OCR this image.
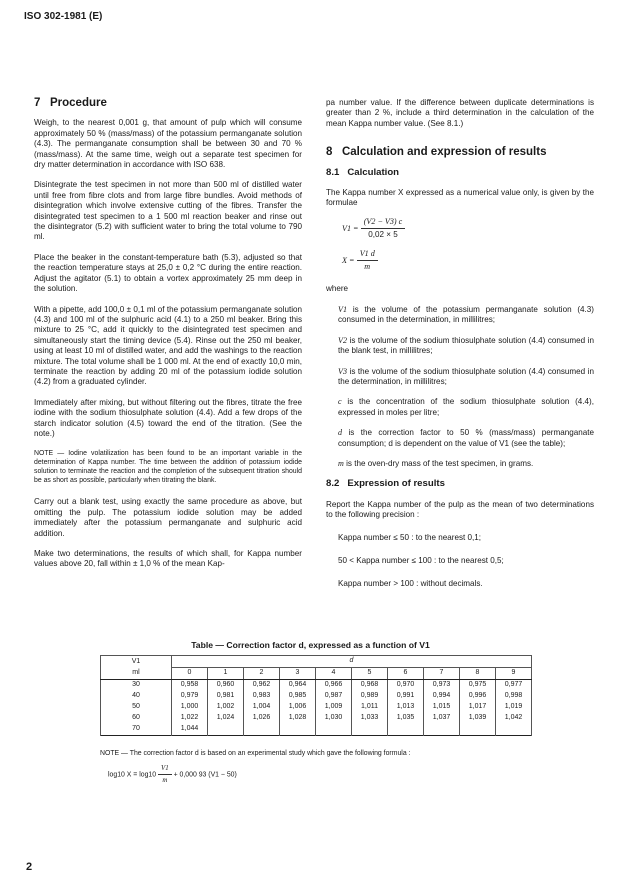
ISO 302-1981 (E)
7   Procedure

Weigh, to the nearest 0,001 g, that amount of pulp which will consume approximately 50 % (mass/mass) of the potassium permanganate solution (4.3). The permanganate consumption shall be between 30 and 70 % (mass/mass). At the same time, weigh out a separate test specimen for dry matter determination in accordance with ISO 638.

Disintegrate the test specimen in not more than 500 ml of distilled water until free from fibre clots and from large fibre bundles. Avoid methods of disintegration which involve extensive cutting of the fibres. Transfer the disintegrated test specimen to a 1 500 ml reaction beaker and rinse out the disintegrator (5.2) with sufficient water to bring the total volume to 790 ml.

Place the beaker in the constant-temperature bath (5.3), adjusted so that the reaction temperature stays at 25,0 ± 0,2 °C during the entire reaction. Adjust the agitator (5.1) to obtain a vortex approximately 25 mm deep in the solution.

With a pipette, add 100,0 ± 0,1 ml of the potassium permanganate solution (4.3) and 100 ml of the sulphuric acid (4.1) to a 250 ml beaker. Bring this mixture to 25 °C, add it quickly to the disintegrated test specimen and simultaneously start the timing device (5.4). Rinse out the 250 ml beaker, using at least 10 ml of distilled water, and add the washings to the reaction mixture. The total volume shall be 1 000 ml. At the end of exactly 10,0 min, terminate the reaction by adding 20 ml of the potassium iodide solution (4.2) from a graduated cylinder.

Immediately after mixing, but without filtering out the fibres, titrate the free iodine with the sodium thiosulphate solution (4.4). Add a few drops of the starch indicator solution (4.5) toward the end of the titration. (See the note.)

NOTE — Iodine volatilization has been found to be an important variable in the determination of Kappa number. The time between the addition of potassium iodide solution to terminate the reaction and the completion of the subsequent titration should be as short as possible, particularly when titrating the blank.

Carry out a blank test, using exactly the same procedure as above, but omitting the pulp. The potassium iodide solution may be added immediately after the potassium permanganate and sulphuric acid addition.

Make two determinations, the results of which shall, for Kappa number values above 20, fall within ± 1,0 % of the mean Kap-

pa number value. If the difference between duplicate determinations is greater than 2 %, include a third determination in the calculation of the mean Kappa number value. (See 8.1.)

8   Calculation and expression of results
8.1   Calculation

The Kappa number X expressed as a numerical value only, is given by the formulae

$V1 = \frac{(V2 - V3) c}{0,02 \times 5}$
$X = \frac{V1 d}{m}$

where

V1 is the volume of the potassium permanganate solution (4.3) consumed in the determination, in millilitres;

V2 is the volume of the sodium thiosulphate solution (4.4) consumed in the blank test, in millilitres;

V3 is the volume of the sodium thiosulphate solution (4.4) consumed in the determination, in millilitres;

c is the concentration of the sodium thiosulphate solution (4.4), expressed in moles per litre;

d is the correction factor to 50 % (mass/mass) permanganate consumption; d is dependent on the value of V1 (see the table);

m is the oven-dry mass of the test specimen, in grams.

8.2   Expression of results

Report the Kappa number of the pulp as the mean of two determinations to the following precision :

Kappa number ≤ 50 : to the nearest 0,1;

50 < Kappa number ≤ 100 : to the nearest 0,5;

Kappa number > 100 : without decimals.

Table — Correction factor d, expressed as a function of V1
V1	d									
ml	0	1	2	3	4	5	6	7	8	9
30	0,958	0,960	0,962	0,964	0,966	0,968	0,970	0,973	0,975	0,977
40	0,979	0,981	0,983	0,985	0,987	0,989	0,991	0,994	0,996	0,998
50	1,000	1,002	1,004	1,006	1,009	1,011	1,013	1,015	1,017	1,019
60	1,022	1,024	1,026	1,028	1,030	1,033	1,035	1,037	1,039	1,042
70	1,044									
NOTE — The correction factor d is based on an experimental study which gave the following formula :
log10 $X = \log 10 \frac{V1}{m} + 0,000$ 93 (V1 − 50)
2
